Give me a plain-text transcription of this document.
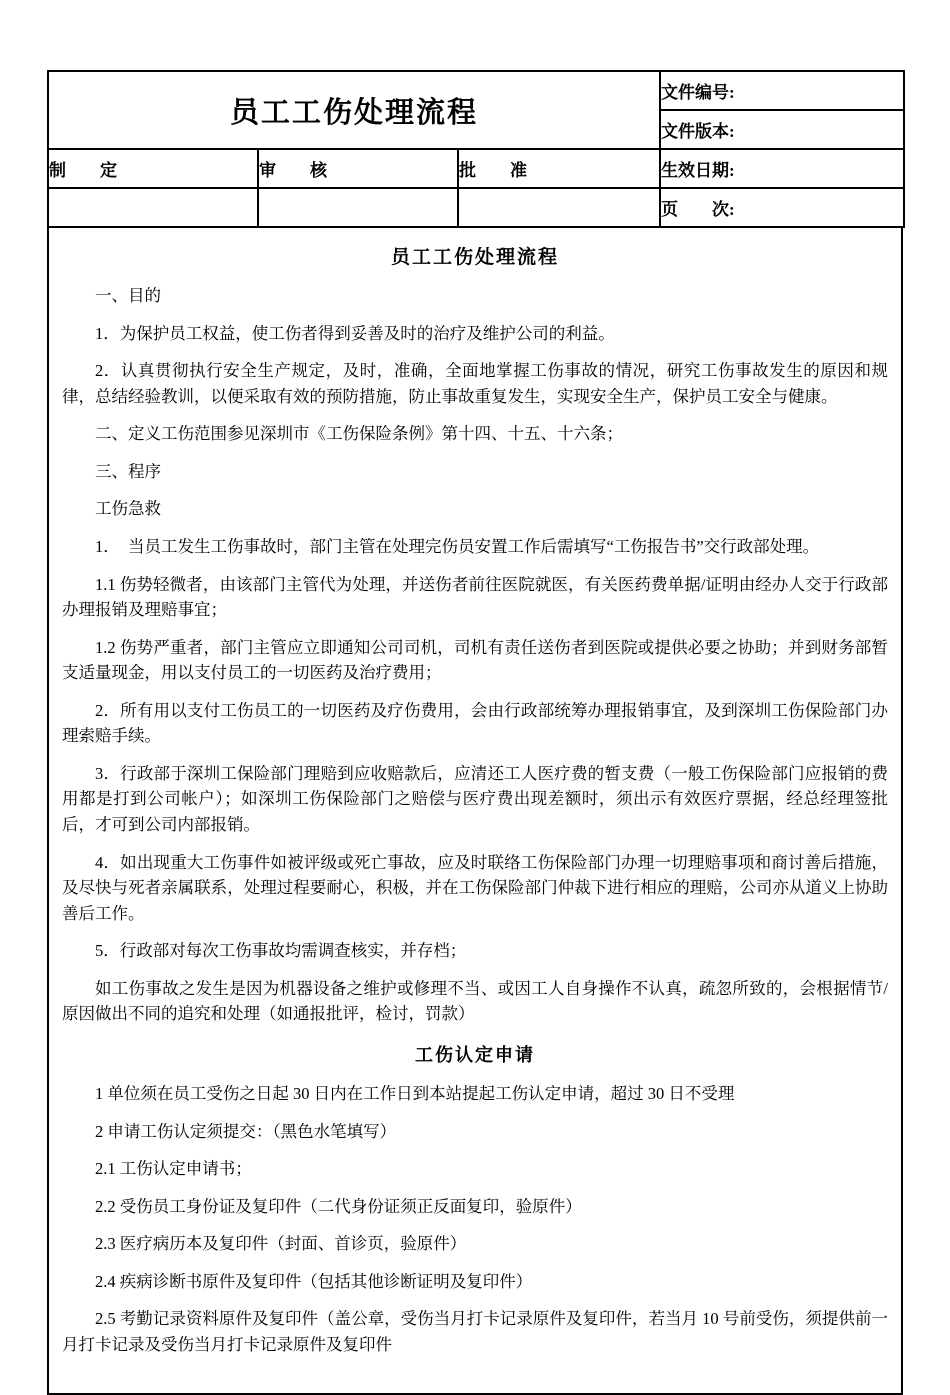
员工工伤处理流程			文件编号:
			文件版本:
制　　定	审　　核	批　　准	生效日期:
			页　　次:
员工工伤处理流程

一、目的

1．为保护员工权益，使工伤者得到妥善及时的治疗及维护公司的利益。

2．认真贯彻执行安全生产规定，及时，准确，全面地掌握工伤事故的情况，研究工伤事故发生的原因和规律，总结经验教训，以便采取有效的预防措施，防止事故重复发生，实现安全生产，保护员工安全与健康。

二、定义工伤范围参见深圳市《工伤保险条例》第十四、十五、十六条；

三、程序

工伤急救

1．　当员工发生工伤事故时，部门主管在处理完伤员安置工作后需填写“工伤报告书”交行政部处理。

1.1 伤势轻微者，由该部门主管代为处理，并送伤者前往医院就医，有关医药费单据/证明由经办人交于行政部办理报销及理赔事宜；

1.2 伤势严重者，部门主管应立即通知公司司机，司机有责任送伤者到医院或提供必要之协助；并到财务部暂支适量现金，用以支付员工的一切医药及治疗费用；

2．所有用以支付工伤员工的一切医药及疗伤费用，会由行政部统筹办理报销事宜，及到深圳工伤保险部门办理索赔手续。

3．行政部于深圳工保险部门理赔到应收赔款后，应清还工人医疗费的暂支费（一般工伤保险部门应报销的费用都是打到公司帐户）；如深圳工伤保险部门之赔偿与医疗费出现差额时，须出示有效医疗票据，经总经理签批后，才可到公司内部报销。

4．如出现重大工伤事件如被评级或死亡事故，应及时联络工伤保险部门办理一切理赔事项和商讨善后措施，及尽快与死者亲属联系，处理过程要耐心，积极，并在工伤保险部门仲裁下进行相应的理赔，公司亦从道义上协助善后工作。

5．行政部对每次工伤事故均需调查核实，并存档；

如工伤事故之发生是因为机器设备之维护或修理不当、或因工人自身操作不认真，疏忽所致的，会根据情节/原因做出不同的追究和处理（如通报批评，检讨，罚款）

工伤认定申请

1 单位须在员工受伤之日起 30 日内在工作日到本站提起工伤认定申请，超过 30 日不受理

2 申请工伤认定须提交：（黑色水笔填写）

2.1 工伤认定申请书；

2.2 受伤员工身份证及复印件（二代身份证须正反面复印，验原件）

2.3 医疗病历本及复印件（封面、首诊页，验原件）

2.4 疾病诊断书原件及复印件（包括其他诊断证明及复印件）

2.5 考勤记录资料原件及复印件（盖公章，受伤当月打卡记录原件及复印件，若当月 10 号前受伤，须提供前一月打卡记录及受伤当月打卡记录原件及复印件
